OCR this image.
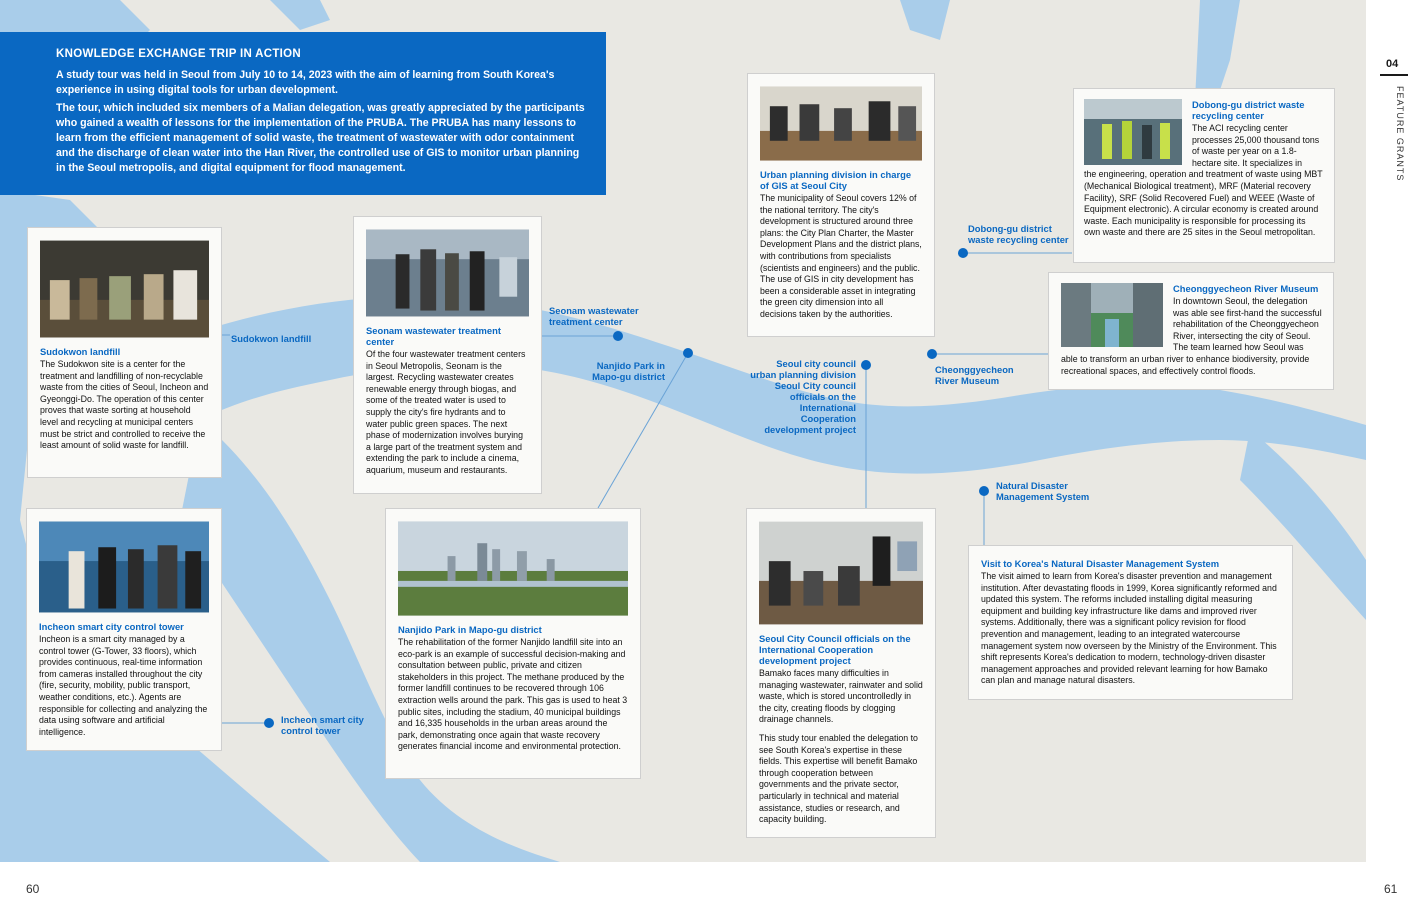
KNOWLEDGE EXCHANGE TRIP IN ACTION

A study tour was held in Seoul from July 10 to 14, 2023 with the aim of learning from South Korea's experience in using digital tools for urban development.

The tour, which included six members of a Malian delegation, was greatly appreciated by the participants who gained a wealth of lessons for the implementation of the PRUBA. The PRUBA has many lessons to learn from the efficient management of solid waste, the treatment of wastewater with odor containment and the discharge of clean water into the Han River, the controlled use of GIS to monitor urban planning in the Seoul metropolis, and digital equipment for flood management.

Sudokwon landfill

The Sudokwon site is a center for the treatment and landfilling of non-recyclable waste from the cities of Seoul, Incheon and Gyeonggi-Do. The operation of this center proves that waste sorting at household level and recycling at municipal centers must be strict and controlled to receive the least amount of solid waste for landfill.

Seonam wastewater treatment center

Of the four wastewater treatment centers in Seoul Metropolis, Seonam is the largest. Recycling wastewater creates renewable energy through biogas, and some of the treated water is used to supply the city's fire hydrants and to water public green spaces. The next phase of modernization involves burying a large part of the treatment system and extending the park to include a cinema, aquarium, museum and restaurants.

Urban planning division in charge of GIS at Seoul City

The municipality of Seoul covers 12% of the national territory. The city's development is structured around three plans: the City Plan Charter, the Master Development Plans and the district plans, with contributions from specialists (scientists and engineers) and the public. The use of GIS in city development has been a considerable asset in integrating the green city dimension into all decisions taken by the authorities.

Dobong-gu district waste recycling center

The ACI recycling center processes 25,000 thousand tons of waste per year on a 1.8-hectare site. It specializes in

the engineering, operation and treatment of waste using MBT (Mechanical Biological treatment), MRF (Material recovery Facility), SRF (Solid Recovered Fuel) and WEEE (Waste of Equipment electronic). A circular economy is created around waste. Each municipality is responsible for processing its own waste and there are 25 sites in the Seoul metropolitan.

Cheonggyecheon River Museum

In downtown Seoul, the delegation was able see first-hand the successful rehabilitation of the Cheonggyecheon River, intersecting the city of Seoul. The team learned how Seoul was

able to transform an urban river to enhance biodiversity, provide recreational spaces, and effectively control floods.

Incheon smart city control tower

Incheon is a smart city managed by a control tower (G-Tower, 33 floors), which provides continuous, real-time information from cameras installed throughout the city (fire, security, mobility, public transport, weather conditions, etc.). Agents are responsible for collecting and analyzing the data using software and artificial intelligence.

Nanjido Park in Mapo-gu district

The rehabilitation of the former Nanjido landfill site into an eco-park is an example of successful decision-making and consultation between public, private and citizen stakeholders in this project. The methane produced by the former landfill continues to be recovered through 106 extraction wells around the park. This gas is used to heat 3 public sites, including the stadium, 40 municipal buildings and 16,335 households in the urban areas around the park, demonstrating once again that waste recovery generates financial income and environmental protection.

Seoul City Council officials on the International Cooperation development project

Bamako faces many difficulties in managing wastewater, rainwater and solid waste, which is stored uncontrolledly in the city, creating floods by clogging drainage channels.

This study tour enabled the delegation to see South Korea's expertise in these fields. This expertise will benefit Bamako through cooperation between governments and the private sector, particularly in technical and material assistance, studies or research, and capacity building.

Visit to Korea's Natural Disaster Management System

The visit aimed to learn from Korea's disaster prevention and management institution. After devastating floods in 1999, Korea significantly reformed and updated this system. The reforms included installing digital measuring equipment and building key infrastructure like dams and improved river systems. Additionally, there was a significant policy revision for flood prevention and management, leading to an integrated watercourse management system now overseen by the Ministry of the Environment. This shift represents Korea's dedication to modern, technology-driven disaster management approaches and provided relevant learning for how Bamako can plan and manage natural disasters.

Sudokwon landfill
Seonam wastewater treatment center
Nanjido Park in Mapo-gu district
Seoul city council urban planning division Seoul City council officials on the International Cooperation development project
Cheonggyecheon River Museum
Dobong-gu district waste recycling center
Natural Disaster Management System
Incheon smart city control tower
04
FEATURE GRANTS
60	61
